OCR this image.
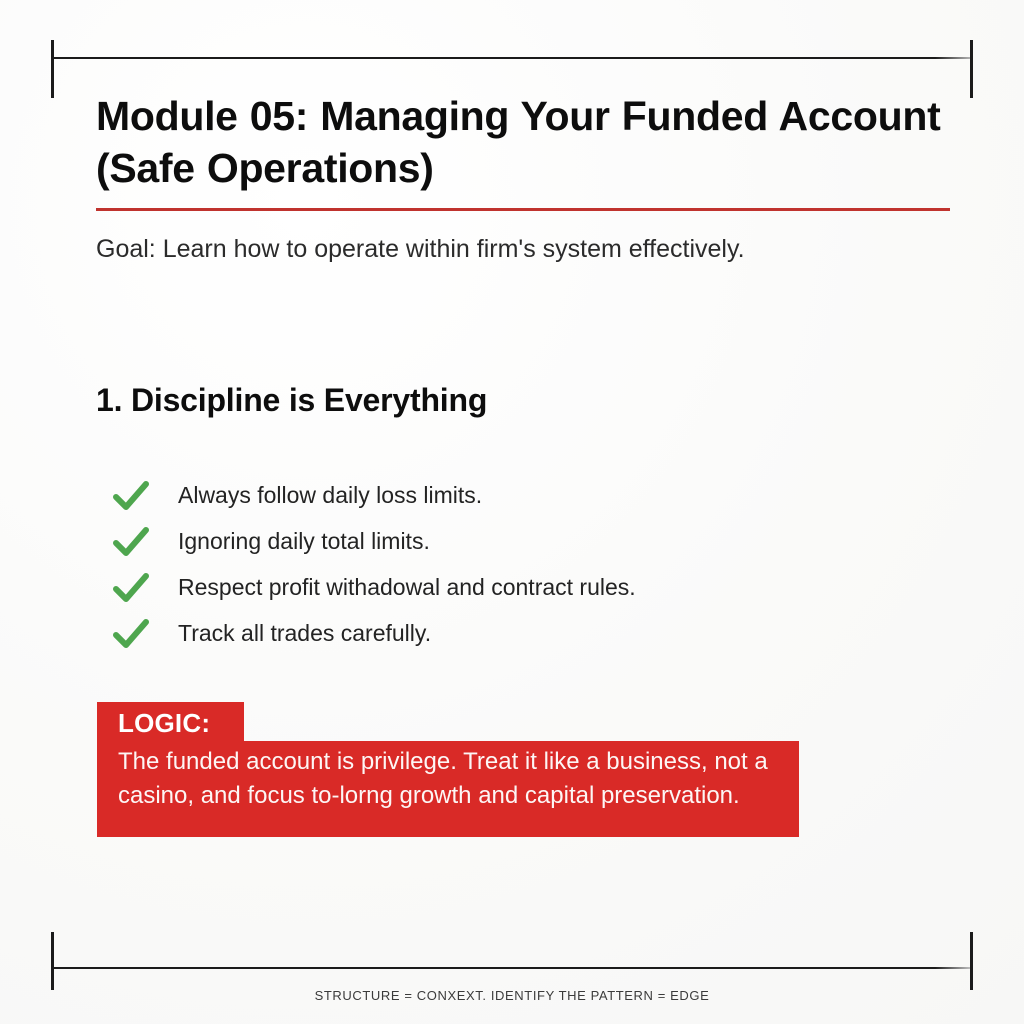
Module 05: Managing Your Funded Account (Safe Operations)

Goal: Learn how to operate within firm's system effectively.

1. Discipline is Everything
Always follow daily loss limits.
Ignoring daily total limits.
Respect profit withadowal and contract rules.
Track all trades carefully.
LOGIC:

The funded account is privilege. Treat it like a business, not a casino, and focus to-lorng growth and capital preservation.

STRUCTURE = CONXEXT. IDENTIFY THE PATTERN = EDGE
